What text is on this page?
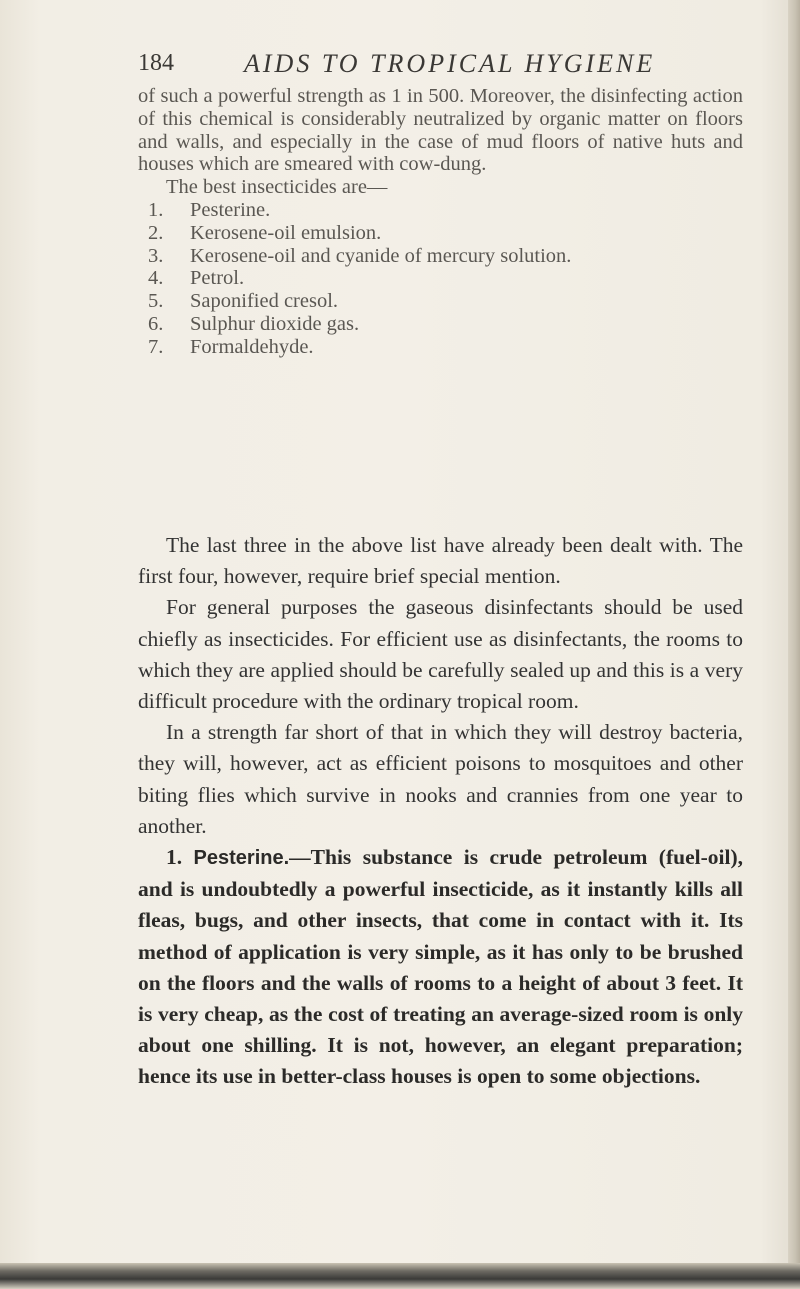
184	AIDS TO TROPICAL HYGIENE

of such a powerful strength as 1 in 500. Moreover, the disinfecting action of this chemical is considerably neutralized by organic matter on floors and walls, and especially in the case of mud floors of native huts and houses which are smeared with cow-dung.

The best insecticides are—

1. Pesterine.
2. Kerosene-oil emulsion.
3. Kerosene-oil and cyanide of mercury solution.
4. Petrol.
5. Saponified cresol.
6. Sulphur dioxide gas.
7. Formaldehyde.

The last three in the above list have already been dealt with. The first four, however, require brief special mention.

For general purposes the gaseous disinfectants should be used chiefly as insecticides. For efficient use as disinfectants, the rooms to which they are applied should be carefully sealed up and this is a very difficult procedure with the ordinary tropical room.

In a strength far short of that in which they will destroy bacteria, they will, however, act as efficient poisons to mosquitoes and other biting flies which survive in nooks and crannies from one year to another.

1. Pesterine.—This substance is crude petroleum (fuel-oil), and is undoubtedly a powerful insecticide, as it instantly kills all fleas, bugs, and other insects, that come in contact with it. Its method of application is very simple, as it has only to be brushed on the floors and the walls of rooms to a height of about 3 feet. It is very cheap, as the cost of treating an average-sized room is only about one shilling. It is not, however, an elegant preparation; hence its use in better-class houses is open to some objections.
